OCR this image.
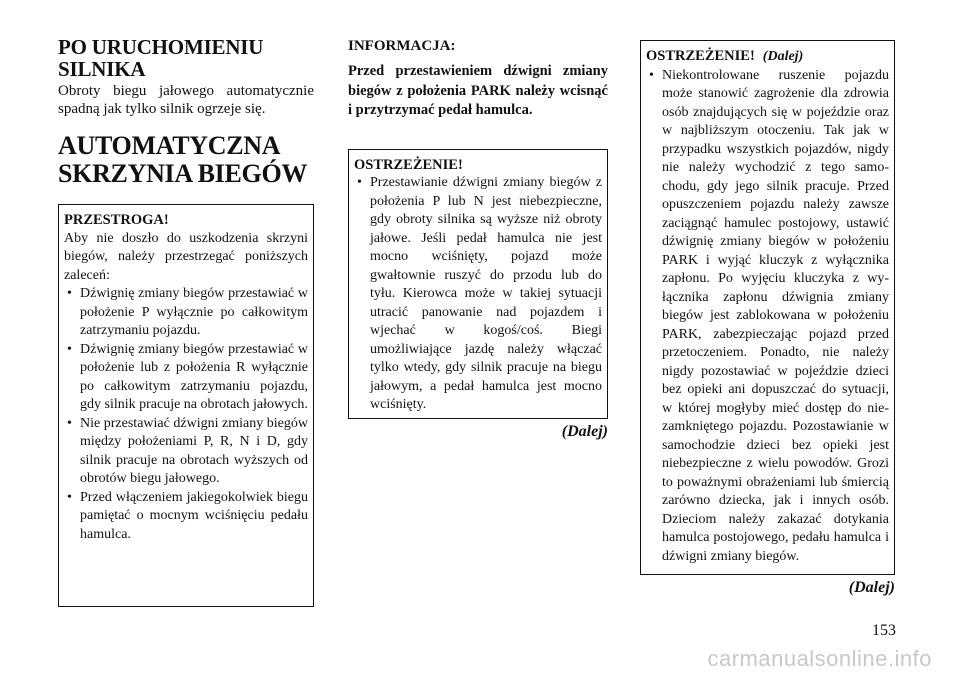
PO URUCHOMIENIU SILNIKA

Obroty biegu jałowego automatycznie spadną jak tylko silnik ogrzeje się.

AUTOMATYCZNA SKRZYNIA BIEGÓW
PRZESTROGA!

Aby nie doszło do uszkodzenia skrzyni biegów, należy przestrzegać poniższych zaleceń:

• Dźwignię zmiany biegów przestawiać w położenie P wyłącznie po całkowitym zatrzymaniu pojazdu.
• Dźwignię zmiany biegów przestawiać w położenie lub z położenia R wyłącznie po całkowitym zatrzymaniu pojazdu, gdy silnik pracuje na obrotach jałowych.
• Nie przestawiać dźwigni zmiany biegów między położeniami P, R, N i D, gdy silnik pracuje na obrotach wyższych od obrotów biegu jałowego.
• Przed włączeniem jakiegokolwiek biegu pamiętać o mocnym wciśnięciu pedału hamulca.

INFORMACJA:

Przed przestawieniem dźwigni zmiany biegów z położenia PARK należy wcisnąć i przytrzymać pedał hamulca.

OSTRZEŻENIE!
• Przestawianie dźwigni zmiany biegów z położenia P lub N jest niebezpieczne, gdy obroty silnika są wyższe niż obroty jałowe. Jeśli pedał hamulca nie jest mocno wciśnięty, pojazd może gwałtownie ruszyć do przodu lub do tyłu. Kierowca może w takiej sytuacji utracić panowanie nad pojazdem i wjechać w kogoś/coś. Biegi umożliwiające jazdę należy włączać tylko wtedy, gdy silnik pracuje na biegu jałowym, a pedał hamulca jest mocno wciśnięty.
(Dalej)
OSTRZEŻENIE! (Dalej)
• Niekontrolowane ruszenie pojazdu może stanowić zagrożenie dla zdrowia osób znajdujących się w pojeździe oraz w najbliższym otoczeniu. Tak jak w przypadku wszystkich pojazdów, nigdy nie należy wychodzić z tego samochodu, gdy jego silnik pracuje. Przed opuszczeniem pojazdu należy zawsze zaciągnąć hamulec postojowy, ustawić dźwignię zmiany biegów w położeniu PARK i wyjąć kluczyk z wyłącznika zapłonu. Po wyjęciu kluczyka z wyłącznika zapłonu dźwignia zmiany biegów jest zablokowana w położeniu PARK, zabezpieczając pojazd przed przetoczeniem. Ponadto, nie należy nigdy pozostawiać w pojeździe dzieci bez opieki ani dopuszczać do sytuacji, w której mogłyby mieć dostęp do niezamkniętego pojazdu. Pozostawianie w samochodzie dzieci bez opieki jest niebezpieczne z wielu powodów. Grozi to poważnymi obrażeniami lub śmiercią zarówno dziecka, jak i innych osób. Dzieciom należy zakazać dotykania hamulca postojowego, pedału hamulca i dźwigni zmiany biegów.
(Dalej)
153
carmanualsonline.info
